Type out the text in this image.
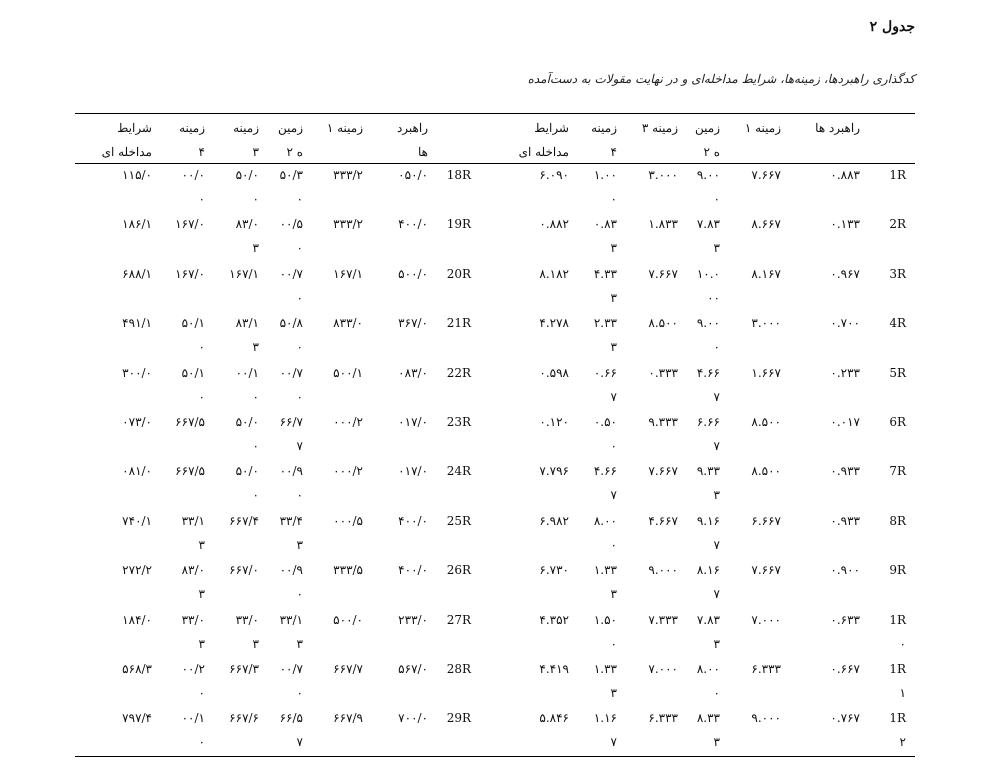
جدول ۲
کدگذاری راهبردها، زمینه‌ها، شرایط مداخله‌ای و در نهایت مقولات به دست‌آمده
راهبرد ها
زمینه ۱
زمین
ه ۲
زمینه ۳
زمینه
۴
شرایط
مداخله ای
راهبرد
ها
زمینه ۱
زمین
ه ۲
زمینه
۳
زمینه
۴
شرایط
مداخله ای
1R
۰.۸۸۳
۷.۶۶۷
۹.۰۰
۰
۳.۰۰۰
۱.۰۰
۰
۶.۰۹۰
18R
۰۵۰/۰
۳۳۳/۲
۵۰/۳
۰
۵۰/۰
۰
۰۰/۰
۰
۱۱۵/۰
2R
۰.۱۳۳
۸.۶۶۷
۷.۸۳
۳
۱.۸۳۳
۰.۸۳
۳
۰.۸۸۲
19R
۴۰۰/۰
۳۳۳/۲
۰۰/۵
۰
۸۳/۰
۳
۱۶۷/۰
۱۸۶/۱
3R
۰.۹۶۷
۸.۱۶۷
۱۰.۰
۰۰
۷.۶۶۷
۴.۳۳
۳
۸.۱۸۲
20R
۵۰۰/۰
۱۶۷/۱
۰۰/۷
۰
۱۶۷/۱
۱۶۷/۰
۶۸۸/۱
4R
۰.۷۰۰
۳.۰۰۰
۹.۰۰
۰
۸.۵۰۰
۲.۳۳
۳
۴.۲۷۸
21R
۳۶۷/۰
۸۳۳/۰
۵۰/۸
۰
۸۳/۱
۳
۵۰/۱
۰
۴۹۱/۱
5R
۰.۲۳۳
۱.۶۶۷
۴.۶۶
۷
۰.۳۳۳
۰.۶۶
۷
۰.۵۹۸
22R
۰۸۳/۰
۵۰۰/۱
۰۰/۷
۰
۰۰/۱
۰
۵۰/۱
۰
۳۰۰/۰
6R
۰.۰۱۷
۸.۵۰۰
۶.۶۶
۷
۹.۳۳۳
۰.۵۰
۰
۰.۱۲۰
23R
۰۱۷/۰
۰۰۰/۲
۶۶/۷
۷
۵۰/۰
۰
۶۶۷/۵
۰۷۳/۰
7R
۰.۹۳۳
۸.۵۰۰
۹.۳۳
۳
۷.۶۶۷
۴.۶۶
۷
۷.۷۹۶
24R
۰۱۷/۰
۰۰۰/۲
۰۰/۹
۰
۵۰/۰
۰
۶۶۷/۵
۰۸۱/۰
8R
۰.۹۳۳
۶.۶۶۷
۹.۱۶
۷
۴.۶۶۷
۸.۰۰
۰
۶.۹۸۲
25R
۴۰۰/۰
۰۰۰/۵
۳۳/۴
۳
۶۶۷/۴
۳۳/۱
۳
۷۴۰/۱
9R
۰.۹۰۰
۷.۶۶۷
۸.۱۶
۷
۹.۰۰۰
۱.۳۳
۳
۶.۷۳۰
26R
۴۰۰/۰
۳۳۳/۵
۰۰/۹
۰
۶۶۷/۰
۸۳/۰
۳
۲۷۲/۲
1R
۰
۰.۶۳۳
۷.۰۰۰
۷.۸۳
۳
۷.۳۳۳
۱.۵۰
۰
۴.۳۵۲
27R
۲۳۳/۰
۵۰۰/۰
۳۳/۱
۳
۳۳/۰
۳
۳۳/۰
۳
۱۸۴/۰
1R
۱
۰.۶۶۷
۶.۳۳۳
۸.۰۰
۰
۷.۰۰۰
۱.۳۳
۳
۴.۴۱۹
28R
۵۶۷/۰
۶۶۷/۷
۰۰/۷
۰
۶۶۷/۳
۰۰/۲
۰
۵۶۸/۳
1R
۲
۰.۷۶۷
۹.۰۰۰
۸.۳۳
۳
۶.۳۳۳
۱.۱۶
۷
۵.۸۴۶
29R
۷۰۰/۰
۶۶۷/۹
۶۶/۵
۷
۶۶۷/۶
۰۰/۱
۰
۷۹۷/۴
